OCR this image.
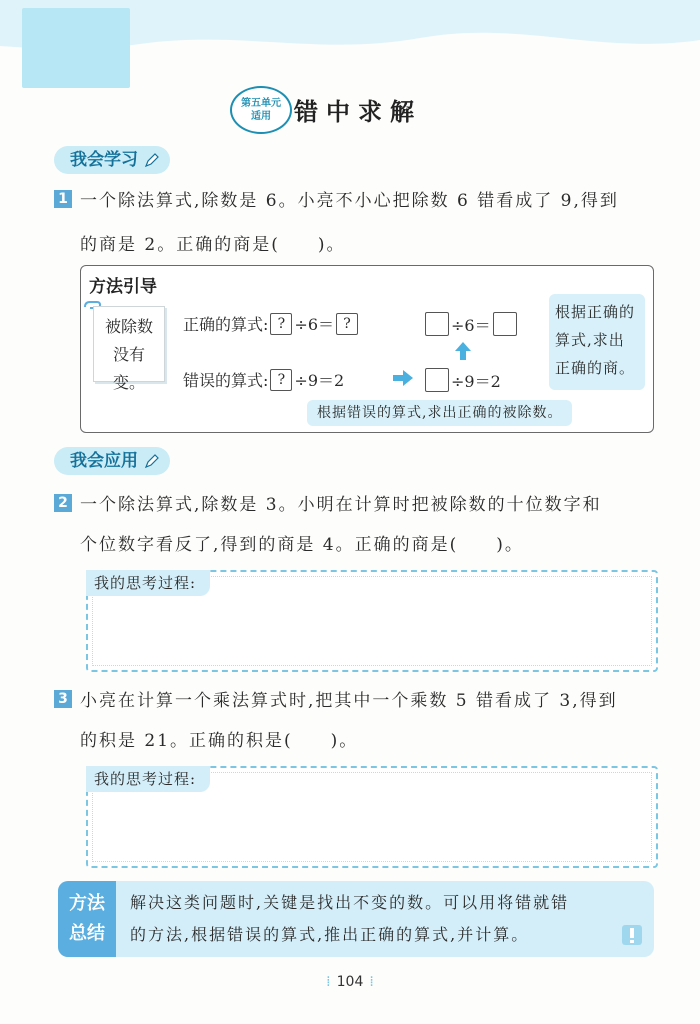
第五单元
适用 错中求解
我会学习
1 一个除法算式,除数是 6。小亮不小心把除数 6 错看成了 9,得到
的商是 2。正确的商是(　　)。
方法引导
被除数
没有变。
正确的算式: ? ÷6＝ ?
错误的算式: ? ÷9＝2
÷6＝
÷9＝2
根据正确的
算式,求出
正确的商。
根据错误的算式,求出正确的被除数。
我会应用
2 一个除法算式,除数是 3。小明在计算时把被除数的十位数字和
个位数字看反了,得到的商是 4。正确的商是(　　)。
我的思考过程:
3 小亮在计算一个乘法算式时,把其中一个乘数 5 错看成了 3,得到
的积是 21。正确的积是(　　)。
我的思考过程:
方法
总结
解决这类问题时,关键是找出不变的数。可以用将错就错
的方法,根据错误的算式,推出正确的算式,并计算。
⁞ 104 ⁞
